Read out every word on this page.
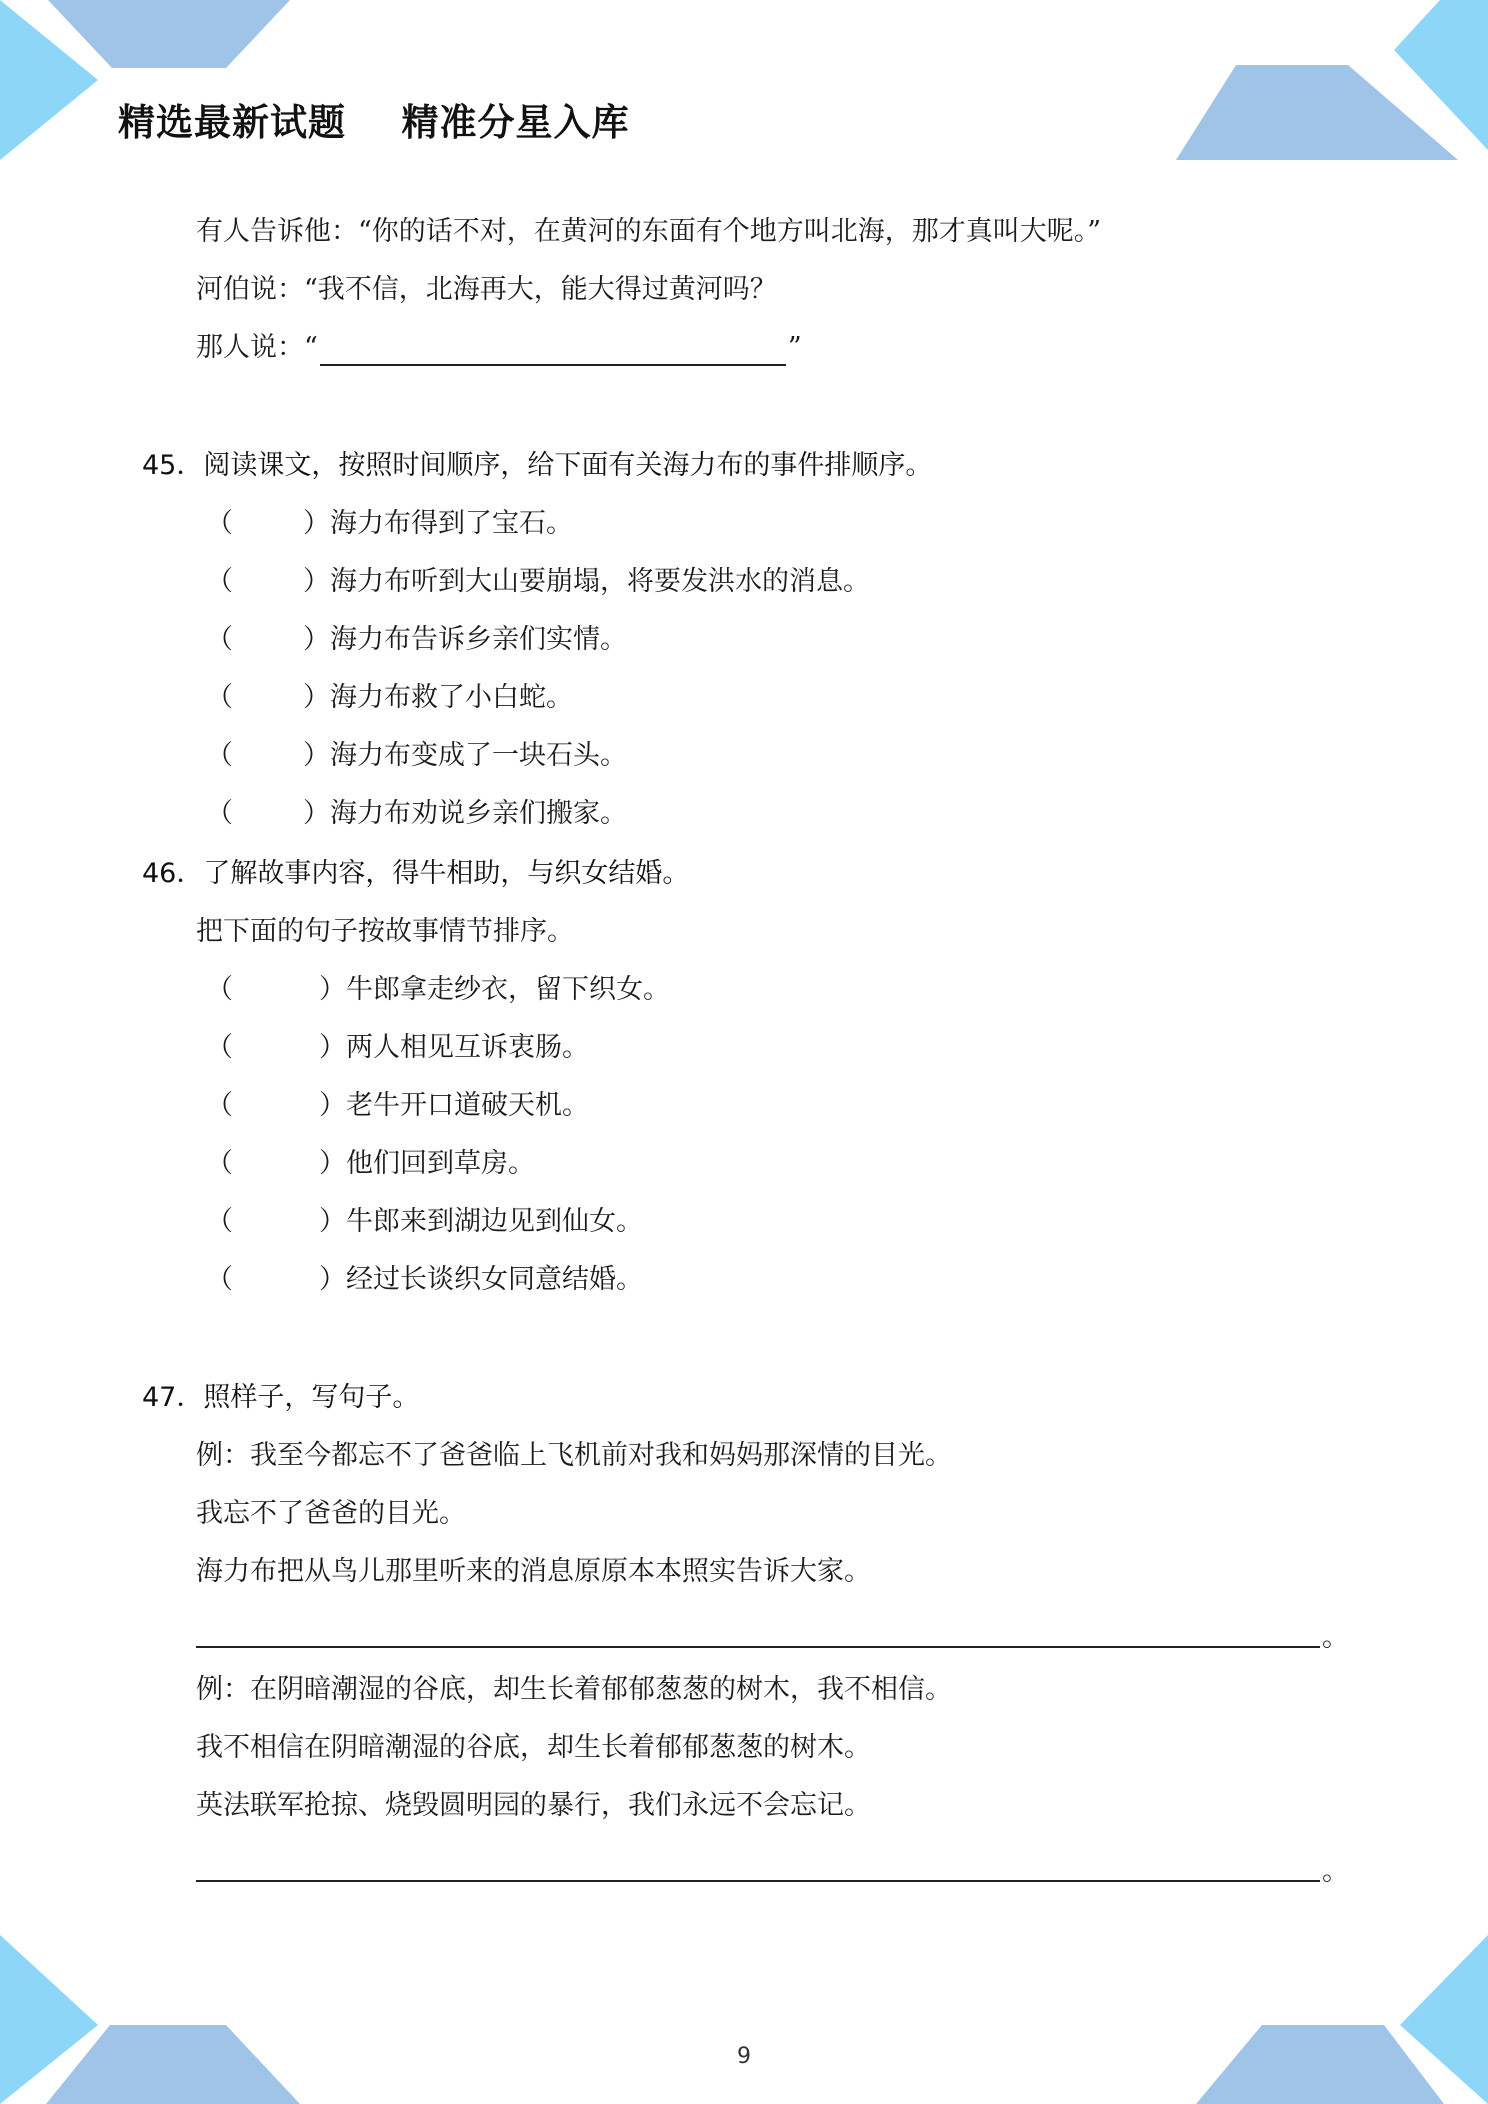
精选最新试题    精准分星入库
有人告诉他：“你的话不对，在黄河的东面有个地方叫北海，那才真叫大呢。”
河伯说：“我不信，北海再大，能大得过黄河吗？
那人说：“	”
45．阅读课文，按照时间顺序，给下面有关海力布的事件排顺序。
（	）海力布得到了宝石。
（	）海力布听到大山要崩塌，将要发洪水的消息。
（	）海力布告诉乡亲们实情。
（	）海力布救了小白蛇。
（	）海力布变成了一块石头。
（	）海力布劝说乡亲们搬家。
46．了解故事内容，得牛相助，与织女结婚。
把下面的句子按故事情节排序。
（	）牛郎拿走纱衣，留下织女。
（	）两人相见互诉衷肠。
（	）老牛开口道破天机。
（	）他们回到草房。
（	）牛郎来到湖边见到仙女。
（	）经过长谈织女同意结婚。
47．照样子，写句子。
例：我至今都忘不了爸爸临上飞机前对我和妈妈那深情的目光。
我忘不了爸爸的目光。
海力布把从鸟儿那里听来的消息原原本本照实告诉大家。
。
例：在阴暗潮湿的谷底，却生长着郁郁葱葱的树木，我不相信。
我不相信在阴暗潮湿的谷底，却生长着郁郁葱葱的树木。
英法联军抢掠、烧毁圆明园的暴行，我们永远不会忘记。
。
9
